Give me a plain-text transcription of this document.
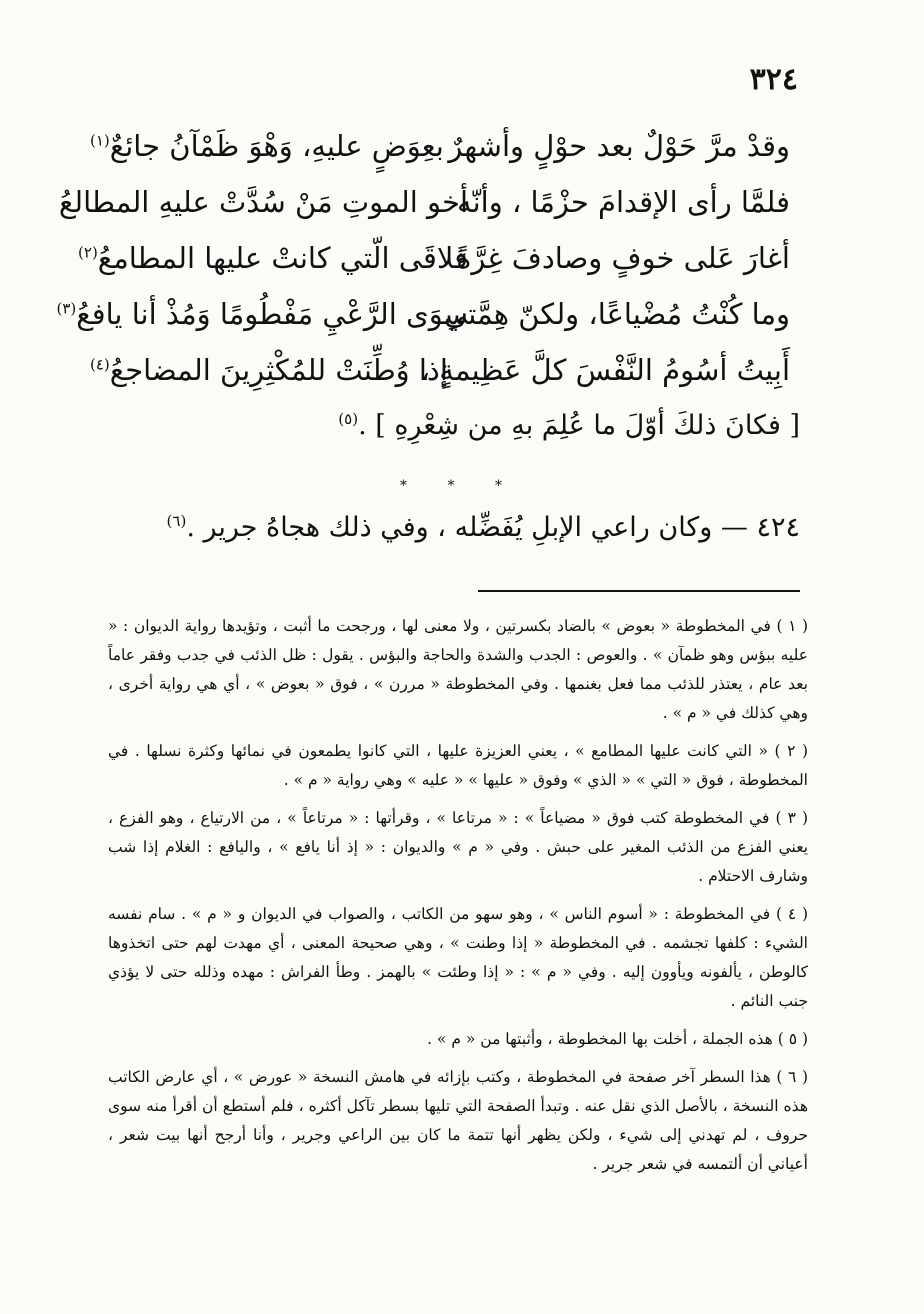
٣٢٤
وقدْ مرَّ حَوْلٌ بعد حوْلٍ وأشهرٌ
بعِوَضٍ عليهِ، وَهْوَ ظَمْآنُ جائعٌ$^{(١)}$
فلمَّا رأى الإقدامَ حزْمًا ، وأنّه
أخو الموتِ مَنْ سُدَّتْ عليهِ المطالعُ
أغارَ عَلى خوفٍ وصادفَ غِرَّةً
فلاقَى الّتي كانتْ عليها المطامعُ$^{(٢)}$
وما كُنْتُ مُضْياعًا، ولكنّ هِمَّتي
سِوَى الرَّعْيِ مَفْطُومًا وَمُذْ أنا يافعُ$^{(٣)}$
أَبِيتُ أسُومُ النَّفْسَ كلَّ عَظِيمةٍ ،
إذا وُطِّنَتْ للمُكْثِرِينَ المضاجعُ$^{(٤)}$
[ فكانَ ذلكَ أوّلَ ما عُلِمَ بهِ من شِعْرِهِ ] .$^{(٥)}$
* * *
٤٢٤ — وكان راعي الإبلِ يُفَضِّله ، وفي ذلك هجاهُ جرير .$^{(٦)}$

( ١ ) في المخطوطة « بعوض » بالضاد بكسرتين ، ولا معنى لها ، ورجحت ما أثبت ، وتؤيدها رواية الديوان : « عليه ببؤس وهو ظمآن » . والعوص : الجدب والشدة والحاجة والبؤس . يقول : ظل الذئب في جدب وفقر عاماً بعد عام ، يعتذر للذئب مما فعل بغنمها . وفي المخطوطة « مررن » ، فوق « بعوض » ، أي هي رواية أخرى ، وهي كذلك في « م » .

( ٢ ) « التي كانت عليها المطامع » ، يعني العزيزة عليها ، التي كانوا يطمعون في نمائها وكثرة نسلها . في المخطوطة ، فوق « التي » « الذي » وفوق « عليها » « عليه » وهي رواية « م » .

( ٣ ) في المخطوطة كتب فوق « مضياعاً » : « مرتاعا » ، وقرأتها : « مرتاعاً » ، من الارتياع ، وهو الفزع ، يعني الفزع من الذئب المغير على حبش . وفي « م » والديوان : « إذ أنا يافع » ، واليافع : الغلام إذا شب وشارف الاحتلام .

( ٤ ) في المخطوطة : « أسوم الناس » ، وهو سهو من الكاتب ، والصواب في الديوان و « م » . سام نفسه الشيء : كلفها تجشمه . في المخطوطة « إذا وطنت » ، وهي صحيحة المعنى ، أي مهدت لهم حتى اتخذوها كالوطن ، يألفونه ويأوون إليه . وفي « م » : « إذا وطئت » بالهمز . وطأ الفراش : مهده وذلله حتى لا يؤذي جنب النائم .

( ٥ ) هذه الجملة ، أخلت بها المخطوطة ، وأثبتها من « م » .

( ٦ ) هذا السطر آخر صفحة في المخطوطة ، وكتب بإزائه في هامش النسخة « عورض » ، أي عارض الكاتب هذه النسخة ، بالأصل الذي نقل عنه . وتبدأ الصفحة التي تليها بسطر تآكل أكثره ، فلم أستطع أن أقرأ منه سوى حروف ، لم تهدني إلى شيء ، ولكن يظهر أنها تتمة ما كان بين الراعي وجرير ، وأنا أرجح أنها بيت شعر ، أعياني أن ألتمسه في شعر جرير .
